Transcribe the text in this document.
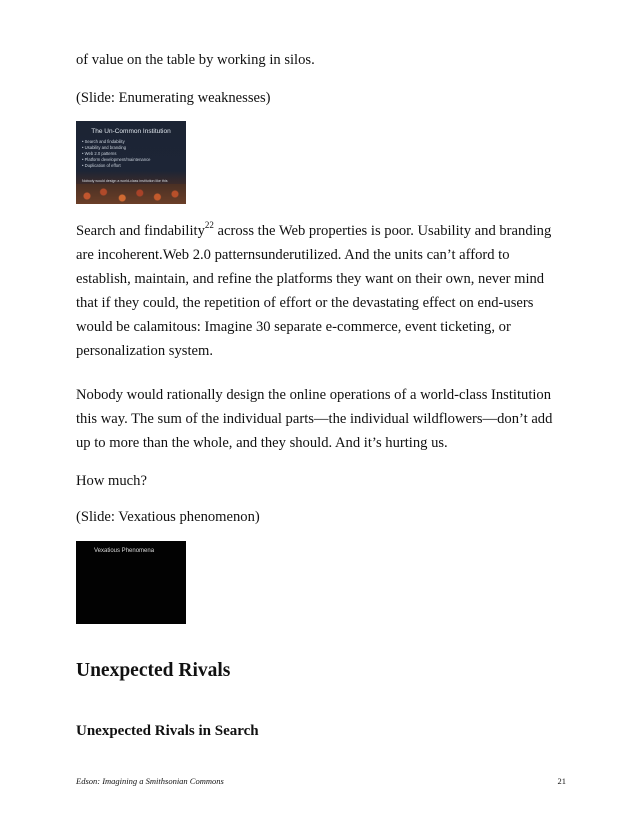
of value on the table by working in silos.

(Slide: Enumerating weaknesses)

The Un-Common Institution
• Search and findability
• Usability and branding
• Web 2.0 patterns
• Platform development/maintenance
• Duplication of effort
Nobody would design a world-class institution like this

Search and findability$^{22}$ across the Web properties is poor. Usability and branding are incoherent.Web 2.0 patternsunderutilized. And the units can’t afford to establish, maintain, and refine the platforms they want on their own, never mind that if they could, the repetition of effort or the devastating effect on end-users would be calamitous: Imagine 30 separate e-commerce, event ticketing, or personalization system.

Nobody would rationally design the online operations of a world-class Institution this way. The sum of the individual parts—the individual wildflowers—don’t add up to more than the whole, and they should. And it’s hurting us.

How much?

(Slide: Vexatious phenomenon)

Vexatious Phenomena
Unexpected Rivals
Unexpected Rivals in Search
Edson: Imagining a Smithsonian Commons	21
